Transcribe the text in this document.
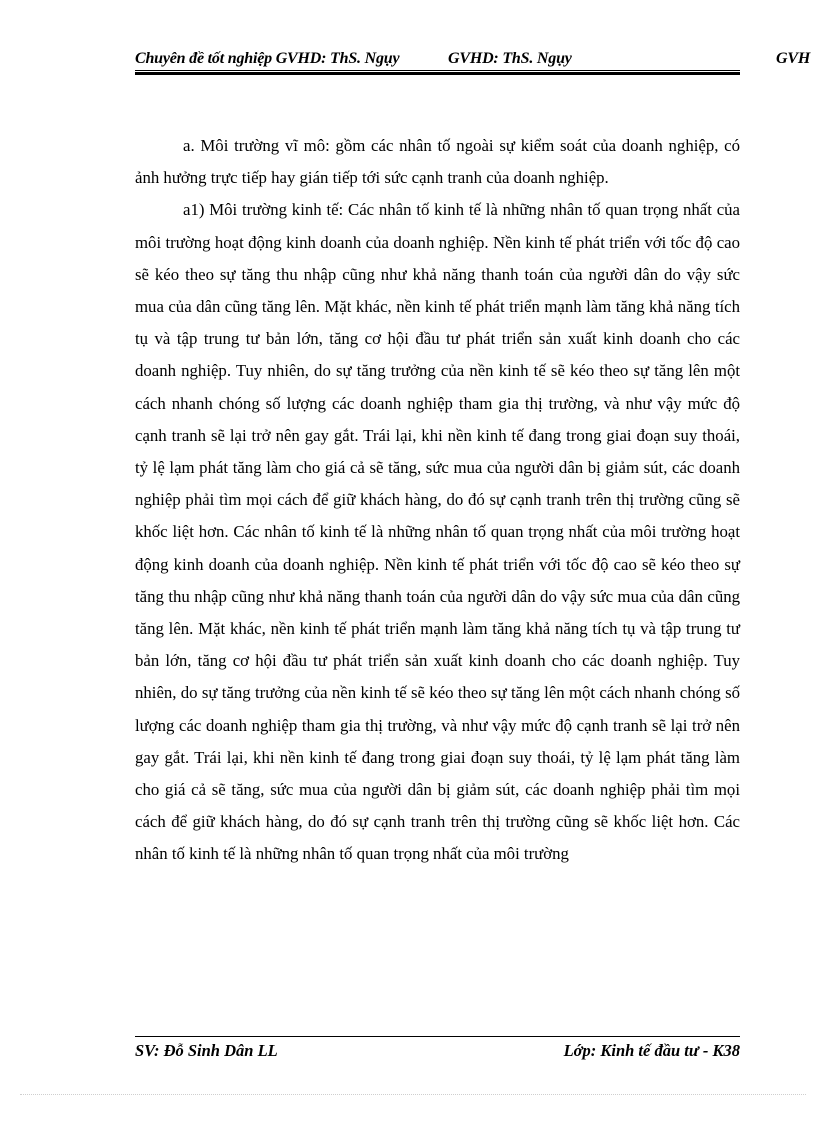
Chuyên đề tốt nghiệp GVHD: ThS. Ngụy	GVHD: ThS. Ngụy	GVH

a. Môi trường vĩ mô: gồm các nhân tố ngoài sự kiểm soát của doanh nghiệp, có ảnh hưởng trực tiếp hay gián tiếp tới sức cạnh tranh của doanh nghiệp.

a1) Môi trường kinh tế: Các nhân tố kinh tế là những nhân tố quan trọng nhất của môi trường hoạt động kinh doanh của doanh nghiệp. Nền kinh tế phát triển với tốc độ cao sẽ kéo theo sự tăng thu nhập cũng như khả năng thanh toán của người dân do vậy sức mua của dân cũng tăng lên. Mặt khác, nền kinh tế phát triển mạnh làm tăng khả năng tích tụ và tập trung tư bản lớn, tăng cơ hội đầu tư phát triển sản xuất kinh doanh cho các doanh nghiệp. Tuy nhiên, do sự tăng trưởng của nền kinh tế sẽ kéo theo sự tăng lên một cách nhanh chóng số lượng các doanh nghiệp tham gia thị trường, và như vậy mức độ cạnh tranh sẽ lại trở nên gay gắt. Trái lại, khi nền kinh tế đang trong giai đoạn suy thoái, tỷ lệ lạm phát tăng làm cho giá cả sẽ tăng, sức mua của người dân bị giảm sút, các doanh nghiệp phải tìm mọi cách để giữ khách hàng, do đó sự cạnh tranh trên thị trường cũng sẽ khốc liệt hơn. Các nhân tố kinh tế là những nhân tố quan trọng nhất của môi trường hoạt động kinh doanh của doanh nghiệp. Nền kinh tế phát triển với tốc độ cao sẽ kéo theo sự tăng thu nhập cũng như khả năng thanh toán của người dân do vậy sức mua của dân cũng tăng lên. Mặt khác, nền kinh tế phát triển mạnh làm tăng khả năng tích tụ và tập trung tư bản lớn, tăng cơ hội đầu tư phát triển sản xuất kinh doanh cho các doanh nghiệp. Tuy nhiên, do sự tăng trưởng của nền kinh tế sẽ kéo theo sự tăng lên một cách nhanh chóng số lượng các doanh nghiệp tham gia thị trường, và như vậy mức độ cạnh tranh sẽ lại trở nên gay gắt. Trái lại, khi nền kinh tế đang trong giai đoạn suy thoái, tỷ lệ lạm phát tăng làm cho giá cả sẽ tăng, sức mua của người dân bị giảm sút, các doanh nghiệp phải tìm mọi cách để giữ khách hàng, do đó sự cạnh tranh trên thị trường cũng sẽ khốc liệt hơn. Các nhân tố kinh tế là những nhân tố quan trọng nhất của môi trường

SV: Đỗ Sinh Dân LL	Lớp: Kinh tế đầu tư - K38
